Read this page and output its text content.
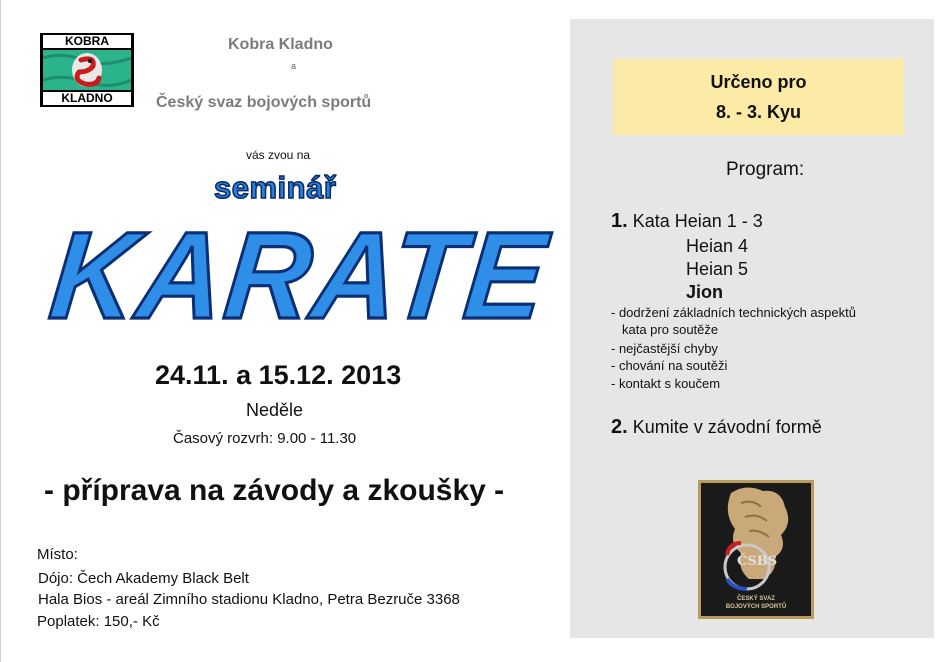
KOBRA
KLADNO
Kobra Kladno
a
Český svaz bojových sportů
vás zvou na
seminář
KARATE
24.11. a 15.12. 2013
Neděle
Časový rozvrh: 9.00 - 11.30
- příprava na závody a zkoušky -
Místo:
Dójo: Čech Akademy Black Belt
Hala Bios - areál Zimního stadionu Kladno, Petra Bezruče 3368
Poplatek: 150,- Kč
Určeno pro
8. - 3. Kyu
Program:
1. Kata Heian 1 - 3
Heian 4
Heian 5
Jion
- dodržení základních technických aspektů
kata pro soutěže
- nejčastější chyby
- chování na soutěži
- kontakt s koučem
2. Kumite v závodní formě
ČSBS
ČESKÝ SVAZ
BOJOVÝCH SPORTŮ
